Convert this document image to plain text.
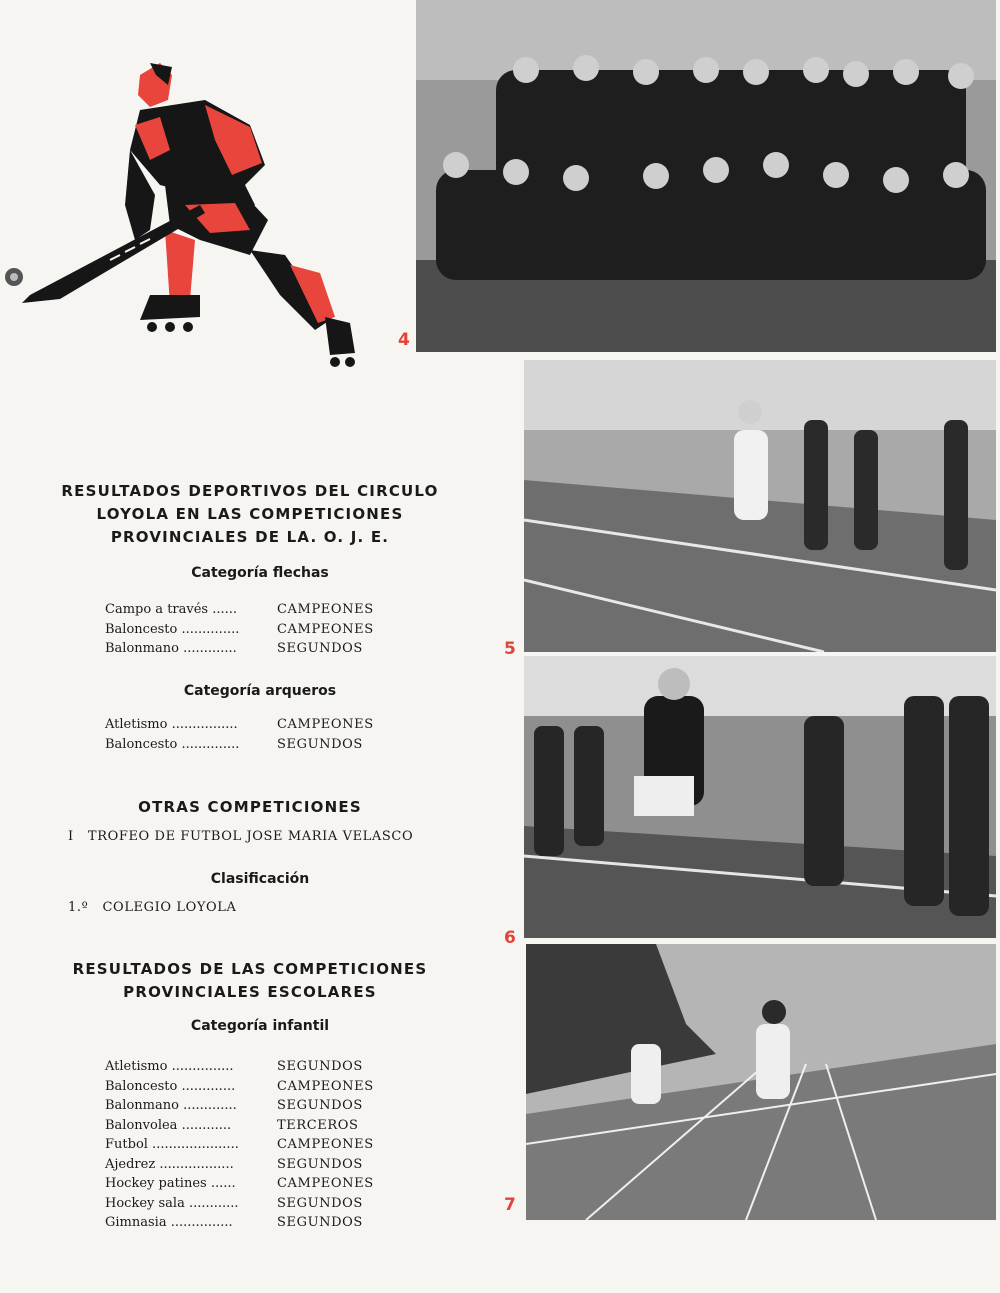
4
5
6
7
RESULTADOS DEPORTIVOS DEL CIRCULO
LOYOLA EN LAS COMPETICIONES
PROVINCIALES DE LA. O. J. E.
Categoría flechas
Campo a través ......	CAMPEONES
Baloncesto ..............	CAMPEONES
Balonmano .............	SEGUNDOS
Categoría arqueros
Atletismo ................	CAMPEONES
Baloncesto ..............	SEGUNDOS
OTRAS COMPETICIONES
I   TROFEO DE FUTBOL JOSE MARIA VELASCO
Clasificación
1.º   COLEGIO LOYOLA
RESULTADOS DE LAS COMPETICIONES
PROVINCIALES ESCOLARES
Categoría infantil
Atletismo ...............	SEGUNDOS
Baloncesto .............	CAMPEONES
Balonmano .............	SEGUNDOS
Balonvolea ............	TERCEROS
Futbol .....................	CAMPEONES
Ajedrez ..................	SEGUNDOS
Hockey patines ......	CAMPEONES
Hockey sala ............	SEGUNDOS
Gimnasia ...............	SEGUNDOS
